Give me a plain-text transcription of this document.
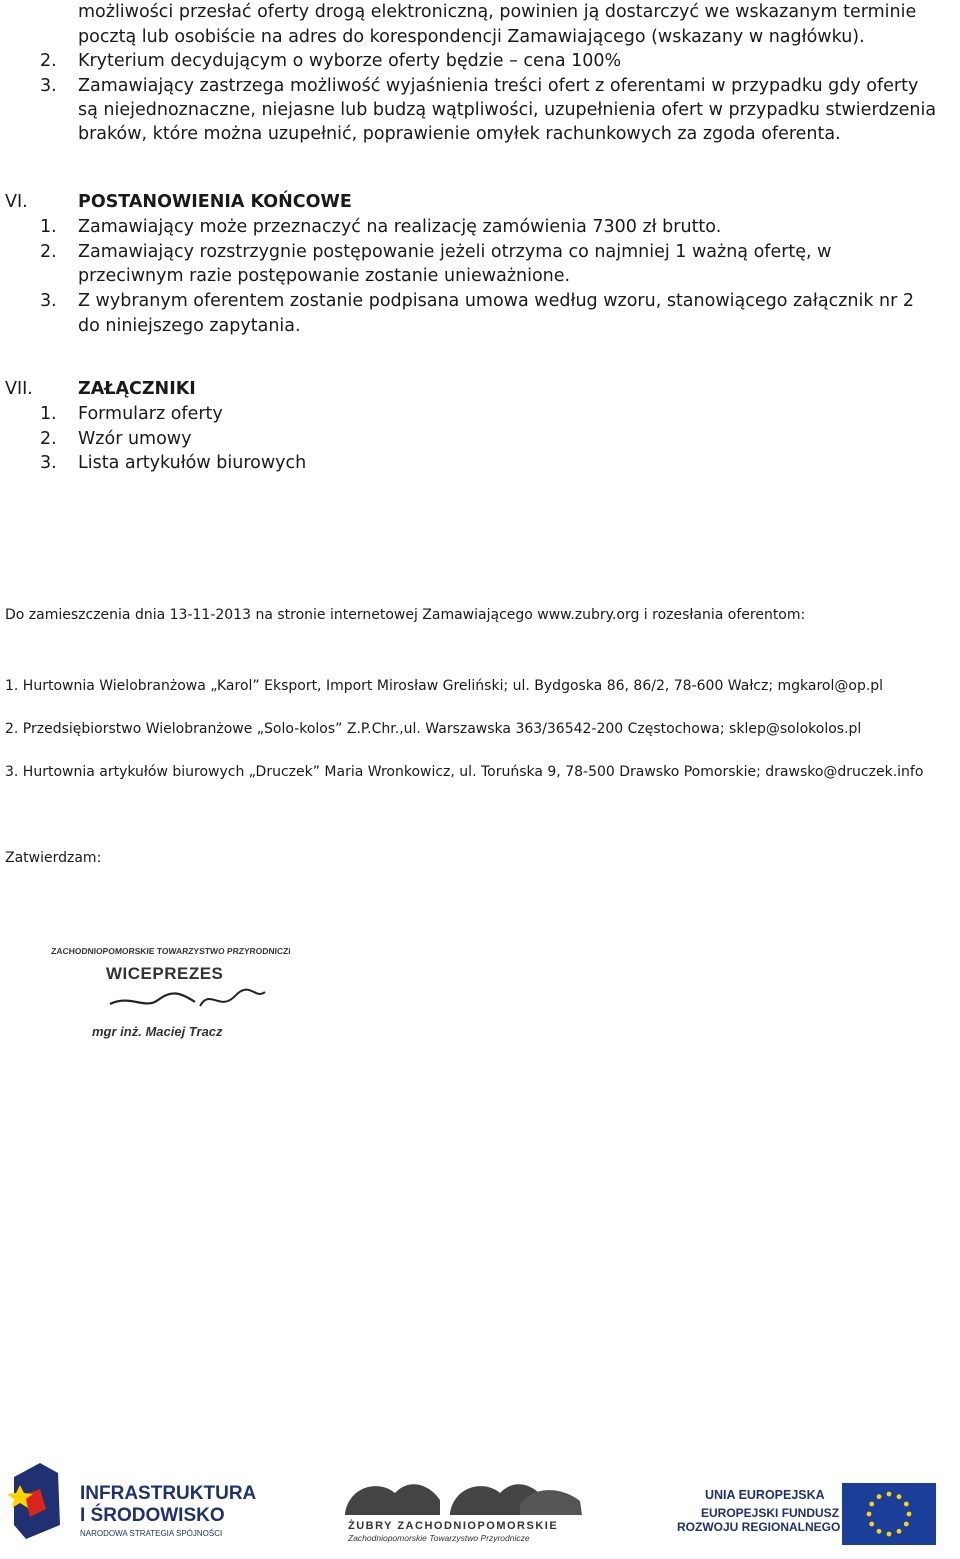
możliwości przesłać oferty drogą elektroniczną, powinien ją dostarczyć we wskazanym terminie
pocztą lub osobiście na adres do korespondencji Zamawiającego (wskazany w nagłówku).
2. Kryterium decydującym o wyborze oferty będzie – cena 100%
3. Zamawiający zastrzega możliwość wyjaśnienia treści ofert z oferentami w przypadku gdy oferty
są niejednoznaczne, niejasne lub budzą wątpliwości, uzupełnienia ofert w przypadku stwierdzenia
braków, które można uzupełnić, poprawienie omyłek rachunkowych za zgoda oferenta.
VI.	POSTANOWIENIA KOŃCOWE
1. Zamawiający może przeznaczyć na realizację zamówienia 7300 zł brutto.
2. Zamawiający rozstrzygnie postępowanie jeżeli otrzyma co najmniej 1 ważną ofertę, w
przeciwnym razie postępowanie zostanie unieważnione.
3. Z wybranym oferentem zostanie podpisana umowa według wzoru, stanowiącego załącznik nr 2
do niniejszego zapytania.
VII.	ZAŁĄCZNIKI
1. Formularz oferty
2. Wzór umowy
3. Lista artykułów biurowych
Do zamieszczenia dnia 13-11-2013 na stronie internetowej Zamawiającego www.zubry.org i rozesłania oferentom:
1. Hurtownia Wielobranżowa „Karol” Eksport, Import Mirosław Greliński; ul. Bydgoska 86, 86/2, 78-600 Wałcz; mgkarol@op.pl
2. Przedsiębiorstwo Wielobranżowe „Solo-kolos” Z.P.Chr.,ul. Warszawska 363/36542-200 Częstochowa; sklep@solokolos.pl
3. Hurtownia artykułów biurowych „Druczek” Maria Wronkowicz, ul. Toruńska 9, 78-500 Drawsko Pomorskie; drawsko@druczek.info
Zatwierdzam:
ZACHODNIOPOMORSKIE TOWARZYSTWO PRZYRODNICZE
WICEPREZES
mgr inż. Maciej Tracz
INFRASTRUKTURA
I ŚRODOWISKO
NARODOWA STRATEGIA SPÓJNOŚCI
ŻUBRY ZACHODNIOPOMORSKIE
Zachodniopomorskie Towarzystwo Przyrodnicze
UNIA EUROPEJSKA
EUROPEJSKI FUNDUSZ
ROZWOJU REGIONALNEGO
